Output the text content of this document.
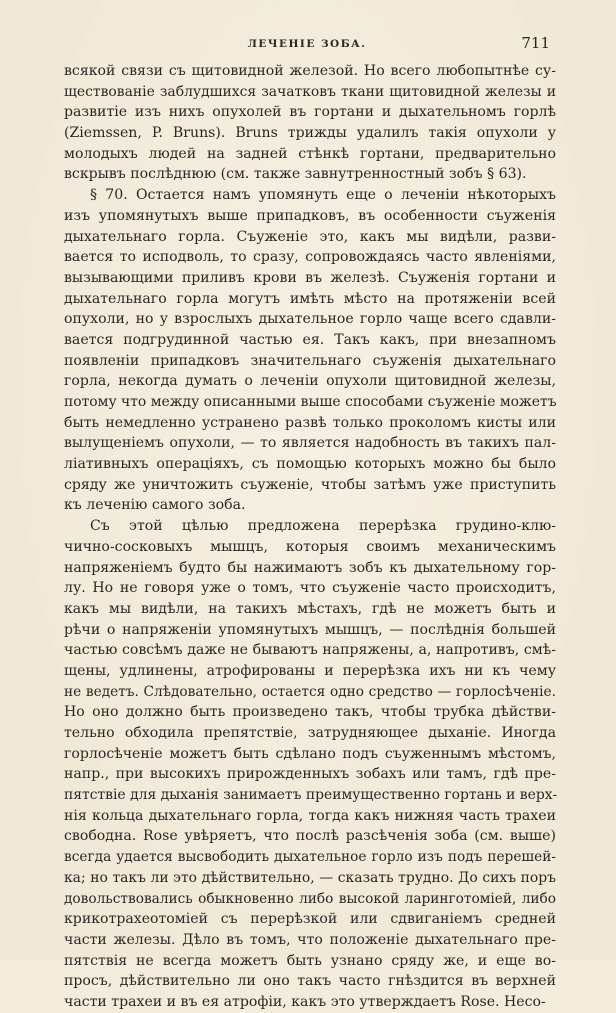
ЛЕЧЕНІЕ ЗОБА.	711
всякой связи съ щитовидной железой. Но всего любопытнѣе су-
ществованіе заблудшихся зачатковъ ткани щитовидной железы и
развитіе изъ нихъ опухолей въ гортани и дыхательномъ горлѣ
(Ziemssen, P. Bruns). Bruns трижды удалилъ такія опухоли у
молодыхъ людей на задней стѣнкѣ гортани, предварительно
вскрывъ послѣднюю (см. также завнутренностный зобъ § 63).
§ 70. Остается намъ упомянуть еще о леченіи нѣкоторыхъ
изъ упомянутыхъ выше припадковъ, въ особенности съуженія
дыхательнаго горла. Съуженіе это, какъ мы видѣли, разви-
вается то исподволь, то сразу, сопровождаясь часто явленіями,
вызывающими приливъ крови въ железѣ. Съуженія гортани и
дыхательнаго горла могутъ имѣть мѣсто на протяженіи всей
опухоли, но у взрослыхъ дыхательное горло чаще всего сдавли-
вается подгрудинной частью ея. Такъ какъ, при внезапномъ
появленіи припадковъ значительнаго съуженія дыхательнаго
горла, некогда думать о леченіи опухоли щитовидной железы,
потому что между описанными выше способами съуженіе можетъ
быть немедленно устранено развѣ только проколомъ кисты или
вылущеніемъ опухоли, — то является надобность въ такихъ пал-
ліативныхъ операціяхъ, съ помощью которыхъ можно бы было
сряду же уничтожить съуженіе, чтобы затѣмъ уже приступить
къ леченію самого зоба.
Съ этой цѣлью предложена перерѣзка грудино-клю-
чично-сосковыхъ мышцъ, которыя своимъ механическимъ
напряженіемъ будто бы нажимаютъ зобъ къ дыхательному гор-
лу. Но не говоря уже о томъ, что съуженіе часто происходитъ,
какъ мы видѣли, на такихъ мѣстахъ, гдѣ не можетъ быть и
рѣчи о напряженіи упомянутыхъ мышцъ, — послѣднія большей
частью совсѣмъ даже не бываютъ напряжены, а, напротивъ, смѣ-
щены, удлинены, атрофированы и перерѣзка ихъ ни къ чему
не ведетъ. Слѣдовательно, остается одно средство — горлосѣченіе.
Но оно должно быть произведено такъ, чтобы трубка дѣйстви-
тельно обходила препятствіе, затрудняющее дыханіе. Иногда
горлосѣченіе можетъ быть сдѣлано подъ съуженнымъ мѣстомъ,
напр., при высокихъ прирожденныхъ зобахъ или тамъ, гдѣ пре-
пятствіе для дыханія занимаетъ преимущественно гортань и верх-
нія кольца дыхательнаго горла, тогда какъ нижняя часть трахеи
свободна. Rose увѣряетъ, что послѣ разсѣченія зоба (см. выше)
всегда удается высвободить дыхательное горло изъ подъ перешей-
ка; но такъ ли это дѣйствительно, — сказать трудно. До сихъ поръ
довольствовались обыкновенно либо высокой ларинготоміей, либо
крикотрахеотоміей съ перерѣзкой или сдвиганіемъ средней
части железы. Дѣло въ томъ, что положеніе дыхательнаго пре-
пятствія не всегда можетъ быть узнано сряду же, и еще во-
просъ, дѣйствительно ли оно такъ часто гнѣздится въ верхней
части трахеи и въ ея атрофіи, какъ это утверждаетъ Rose. Несо-
